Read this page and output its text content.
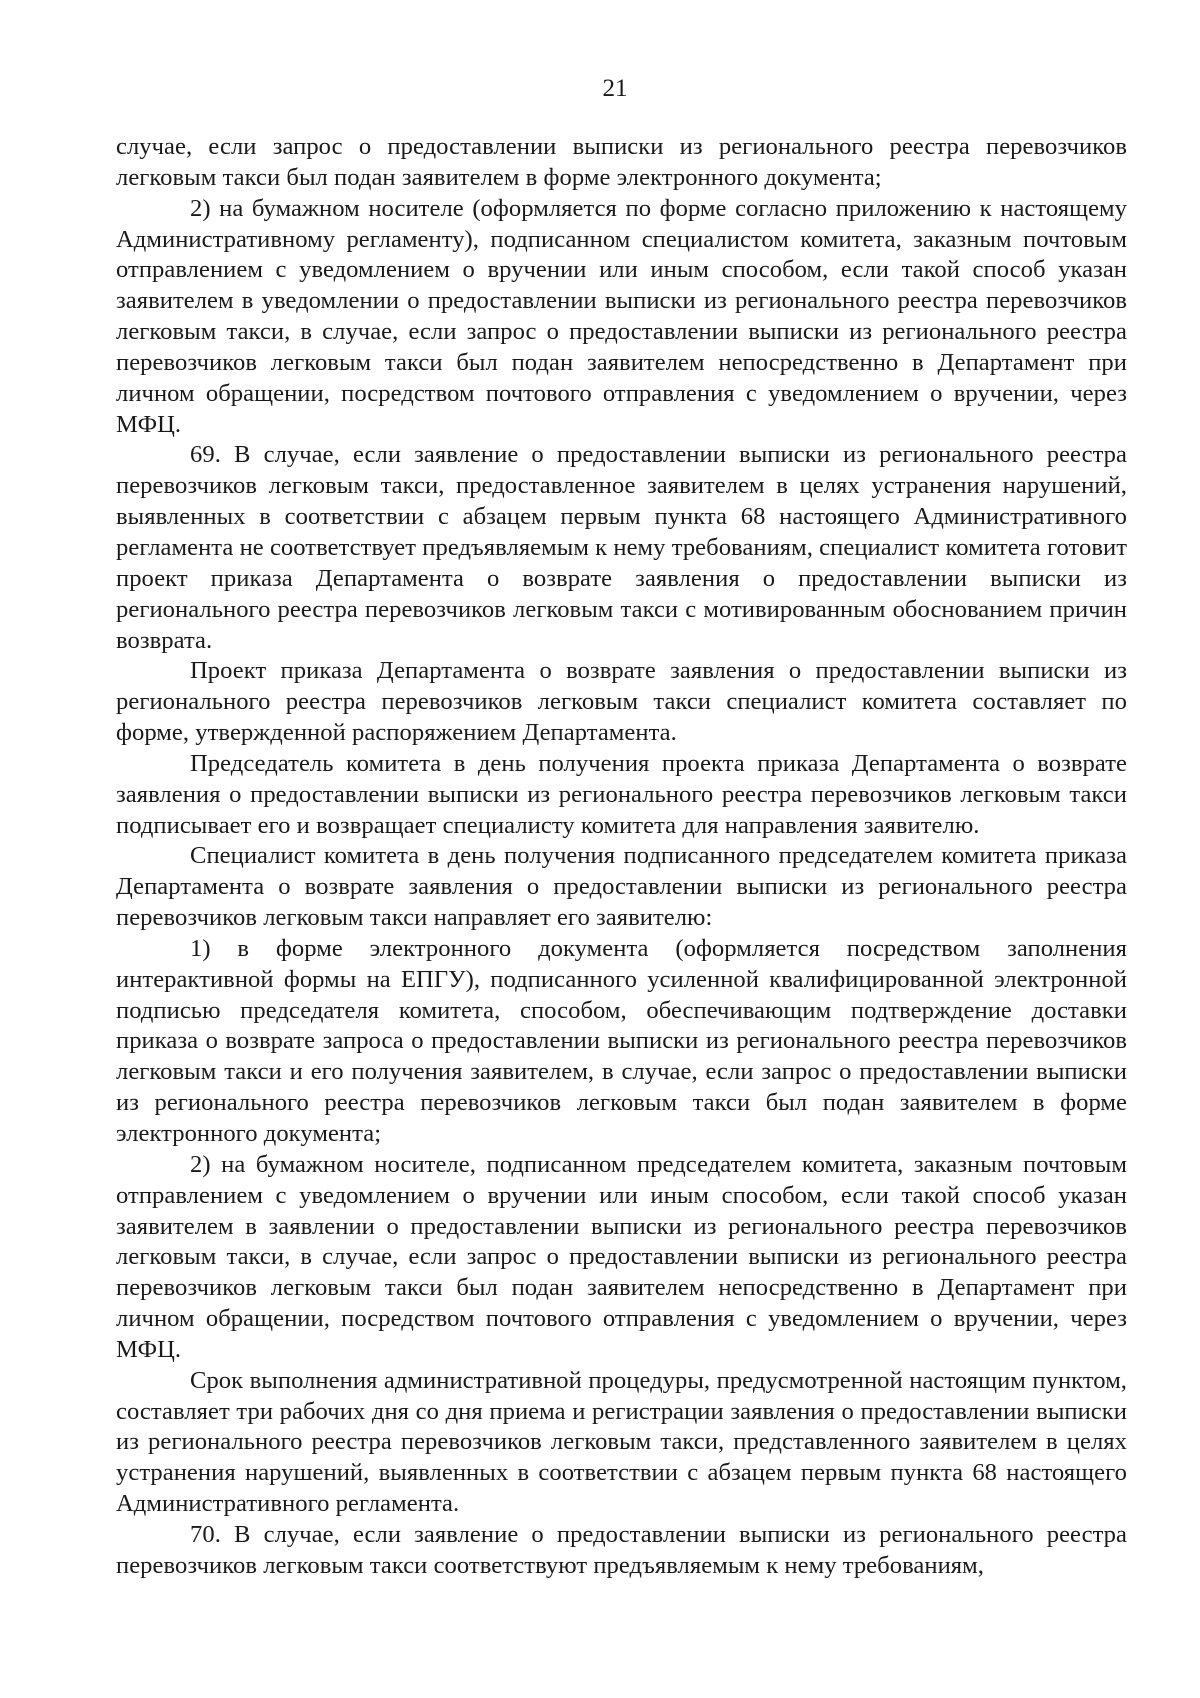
21

случае, если запрос о предоставлении выписки из регионального реестра перевозчиков легковым такси был подан заявителем в форме электронного документа;

2) на бумажном носителе (оформляется по форме согласно приложению к настоящему Административному регламенту), подписанном специалистом комитета, заказным почтовым отправлением с уведомлением о вручении или иным способом, если такой способ указан заявителем в уведомлении о предоставлении выписки из регионального реестра перевозчиков легковым такси, в случае, если запрос о предоставлении выписки из регионального реестра перевозчиков легковым такси был подан заявителем непосредственно в Департамент при личном обращении, посредством почтового отправления с уведомлением о вручении, через МФЦ.

69. В случае, если заявление о предоставлении выписки из регионального реестра перевозчиков легковым такси, предоставленное заявителем в целях устранения нарушений, выявленных в соответствии с абзацем первым пункта 68 настоящего Административного регламента не соответствует предъявляемым к нему требованиям, специалист комитета готовит проект приказа Департамента о возврате заявления о предоставлении выписки из регионального реестра перевозчиков легковым такси с мотивированным обоснованием причин возврата.

Проект приказа Департамента о возврате заявления о предоставлении выписки из регионального реестра перевозчиков легковым такси специалист комитета составляет по форме, утвержденной распоряжением Департамента.

Председатель комитета в день получения проекта приказа Департамента о возврате заявления о предоставлении выписки из регионального реестра перевозчиков легковым такси подписывает его и возвращает специалисту комитета для направления заявителю.

Специалист комитета в день получения подписанного председателем комитета приказа Департамента о возврате заявления о предоставлении выписки из регионального реестра перевозчиков легковым такси направляет его заявителю:

1) в форме электронного документа (оформляется посредством заполнения интерактивной формы на ЕПГУ), подписанного усиленной квалифицированной электронной подписью председателя комитета, способом, обеспечивающим подтверждение доставки приказа о возврате запроса о предоставлении выписки из регионального реестра перевозчиков легковым такси и его получения заявителем, в случае, если запрос о предоставлении выписки из регионального реестра перевозчиков легковым такси был подан заявителем в форме электронного документа;

2) на бумажном носителе, подписанном председателем комитета, заказным почтовым отправлением с уведомлением о вручении или иным способом, если такой способ указан заявителем в заявлении о предоставлении выписки из регионального реестра перевозчиков легковым такси, в случае, если запрос о предоставлении выписки из регионального реестра перевозчиков легковым такси был подан заявителем непосредственно в Департамент при личном обращении, посредством почтового отправления с уведомлением о вручении, через МФЦ.

Срок выполнения административной процедуры, предусмотренной настоящим пунктом, составляет три рабочих дня со дня приема и регистрации заявления о предоставлении выписки из регионального реестра перевозчиков легковым такси, представленного заявителем в целях устранения нарушений, выявленных в соответствии с абзацем первым пункта 68 настоящего Административного регламента.

70. В случае, если заявление о предоставлении выписки из регионального реестра перевозчиков легковым такси соответствуют предъявляемым к нему требованиям,
